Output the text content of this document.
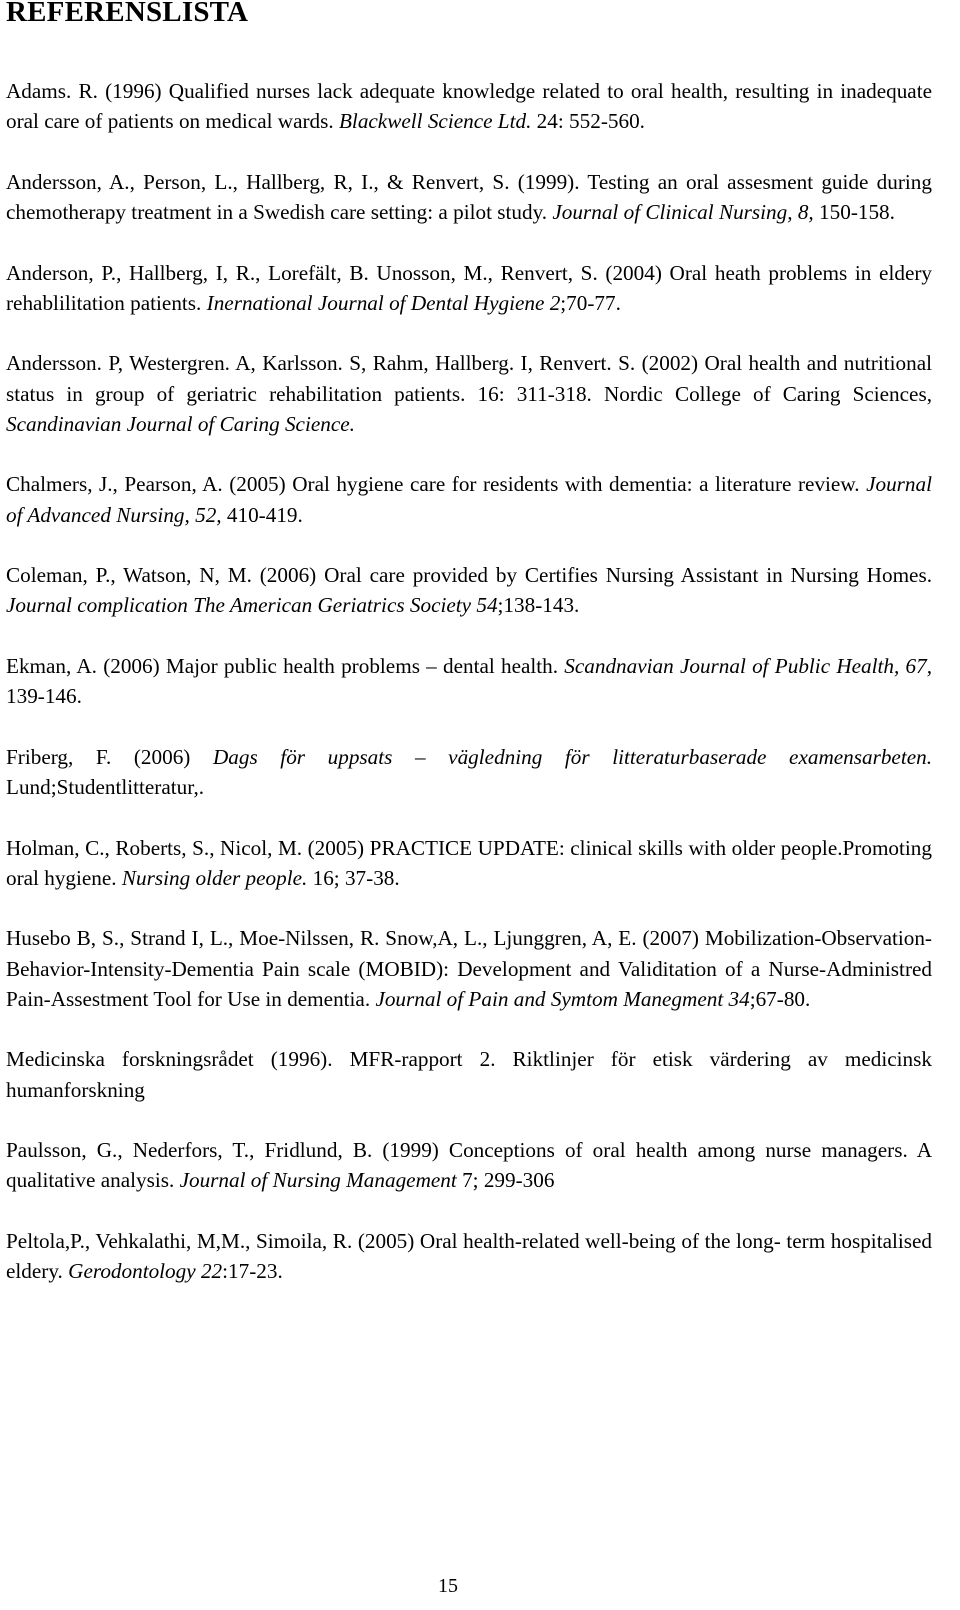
REFERENSLISTA

Adams. R. (1996) Qualified nurses lack adequate knowledge related to oral health, resulting in inadequate oral care of patients on medical wards. Blackwell Science Ltd. 24: 552-560.

Andersson, A., Person, L., Hallberg, R, I., & Renvert, S. (1999). Testing an oral assesment guide during chemotherapy treatment in a Swedish care setting: a pilot study. Journal of Clinical Nursing, 8, 150-158.

Anderson, P., Hallberg, I, R., Lorefält, B. Unosson, M., Renvert, S. (2004) Oral heath problems in eldery rehablilitation patients. Inernational Journal of Dental Hygiene 2;70-77.

Andersson. P, Westergren. A, Karlsson. S, Rahm, Hallberg. I, Renvert. S. (2002) Oral health and nutritional status in group of geriatric rehabilitation patients. 16: 311-318. Nordic College of Caring Sciences, Scandinavian Journal of Caring Science.

Chalmers, J., Pearson, A. (2005) Oral hygiene care for residents with dementia: a literature review. Journal of Advanced Nursing, 52, 410-419.

Coleman, P., Watson, N, M. (2006) Oral care provided by Certifies Nursing Assistant in Nursing Homes. Journal complication The American Geriatrics Society 54;138-143.

Ekman, A. (2006) Major public health problems – dental health. Scandnavian Journal of Public Health, 67, 139-146.

Friberg, F. (2006) Dags för uppsats – vägledning för litteraturbaserade examensarbeten. Lund;Studentlitteratur,.

Holman, C., Roberts, S., Nicol, M. (2005) PRACTICE UPDATE: clinical skills with older people.Promoting oral hygiene. Nursing older people. 16; 37-38.

Husebo B, S., Strand I, L., Moe-Nilssen, R. Snow,A, L., Ljunggren, A, E. (2007) Mobilization-Observation-Behavior-Intensity-Dementia Pain scale (MOBID): Development and Validitation of a Nurse-Administred Pain-Assestment Tool for Use in dementia. Journal of Pain and Symtom Manegment 34;67-80.

Medicinska forskningsrådet (1996). MFR-rapport 2. Riktlinjer för etisk värdering av medicinsk humanforskning

Paulsson, G., Nederfors, T., Fridlund, B. (1999) Conceptions of oral health among nurse managers. A qualitative analysis. Journal of Nursing Management 7; 299-306

Peltola,P., Vehkalathi, M,M., Simoila, R. (2005) Oral health-related well-being of the long- term hospitalised eldery. Gerodontology 22:17-23.

15
